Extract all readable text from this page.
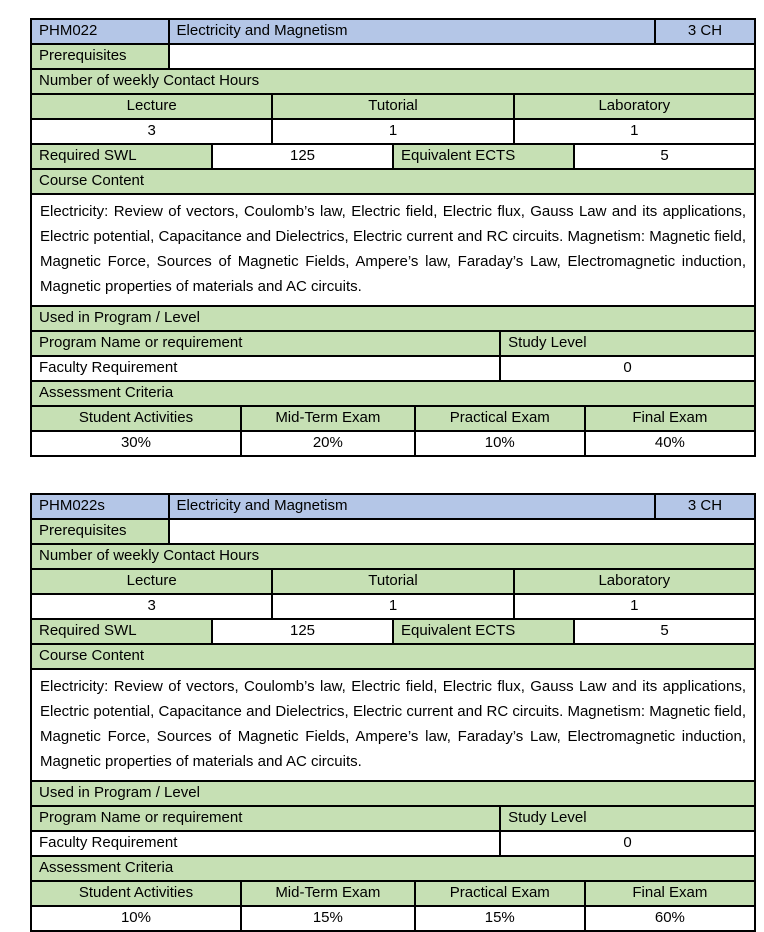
PHM022	Electricity and Magnetism	3 CH
Prerequisites
Number of weekly Contact Hours
Lecture	Tutorial	Laboratory
3	1	1
Required SWL	125	Equivalent ECTS	5
Course Content
Electricity: Review of vectors, Coulomb’s law, Electric field, Electric flux, Gauss Law and its applications, Electric potential, Capacitance and Dielectrics, Electric current and RC circuits. Magnetism: Magnetic field, Magnetic Force, Sources of Magnetic Fields, Ampere’s law, Faraday’s Law, Electromagnetic induction, Magnetic properties of materials and AC circuits.
Used in Program / Level
Program Name or requirement	Study Level
Faculty Requirement	0
Assessment Criteria
Student Activities	Mid-Term Exam	Practical Exam	Final Exam
30%	20%	10%	40%
PHM022s	Electricity and Magnetism	3 CH
Prerequisites
Number of weekly Contact Hours
Lecture	Tutorial	Laboratory
3	1	1
Required SWL	125	Equivalent ECTS	5
Course Content
Electricity: Review of vectors, Coulomb’s law, Electric field, Electric flux, Gauss Law and its applications, Electric potential, Capacitance and Dielectrics, Electric current and RC circuits. Magnetism: Magnetic field, Magnetic Force, Sources of Magnetic Fields, Ampere’s law, Faraday’s Law, Electromagnetic induction, Magnetic properties of materials and AC circuits.
Used in Program / Level
Program Name or requirement	Study Level
Faculty Requirement	0
Assessment Criteria
Student Activities	Mid-Term Exam	Practical Exam	Final Exam
10%	15%	15%	60%
